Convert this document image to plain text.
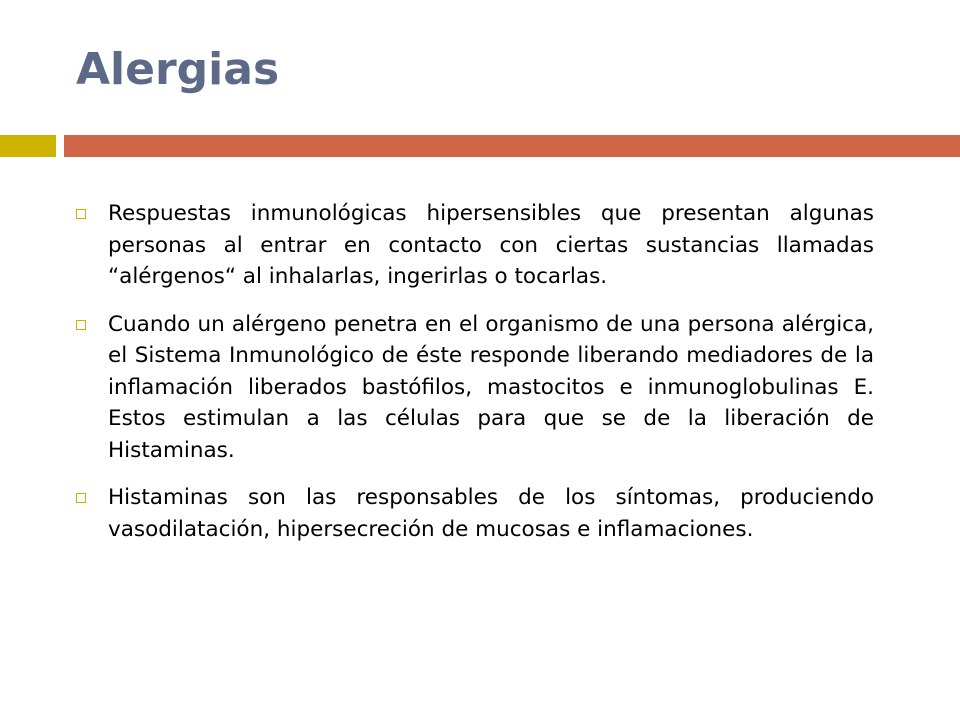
Alergias
Respuestas inmunológicas hipersensibles que presentan algunas personas al entrar en contacto con ciertas sustancias llamadas “alérgenos“ al inhalarlas, ingerirlas o tocarlas.
Cuando un alérgeno penetra en el organismo de una persona alérgica, el Sistema Inmunológico de éste responde liberando mediadores de la inflamación liberados bastófilos, mastocitos e inmunoglobulinas E. Estos estimulan a las células para que se de la liberación de Histaminas.
Histaminas son las responsables de los síntomas, produciendo vasodilatación, hipersecreción de mucosas e inflamaciones.
